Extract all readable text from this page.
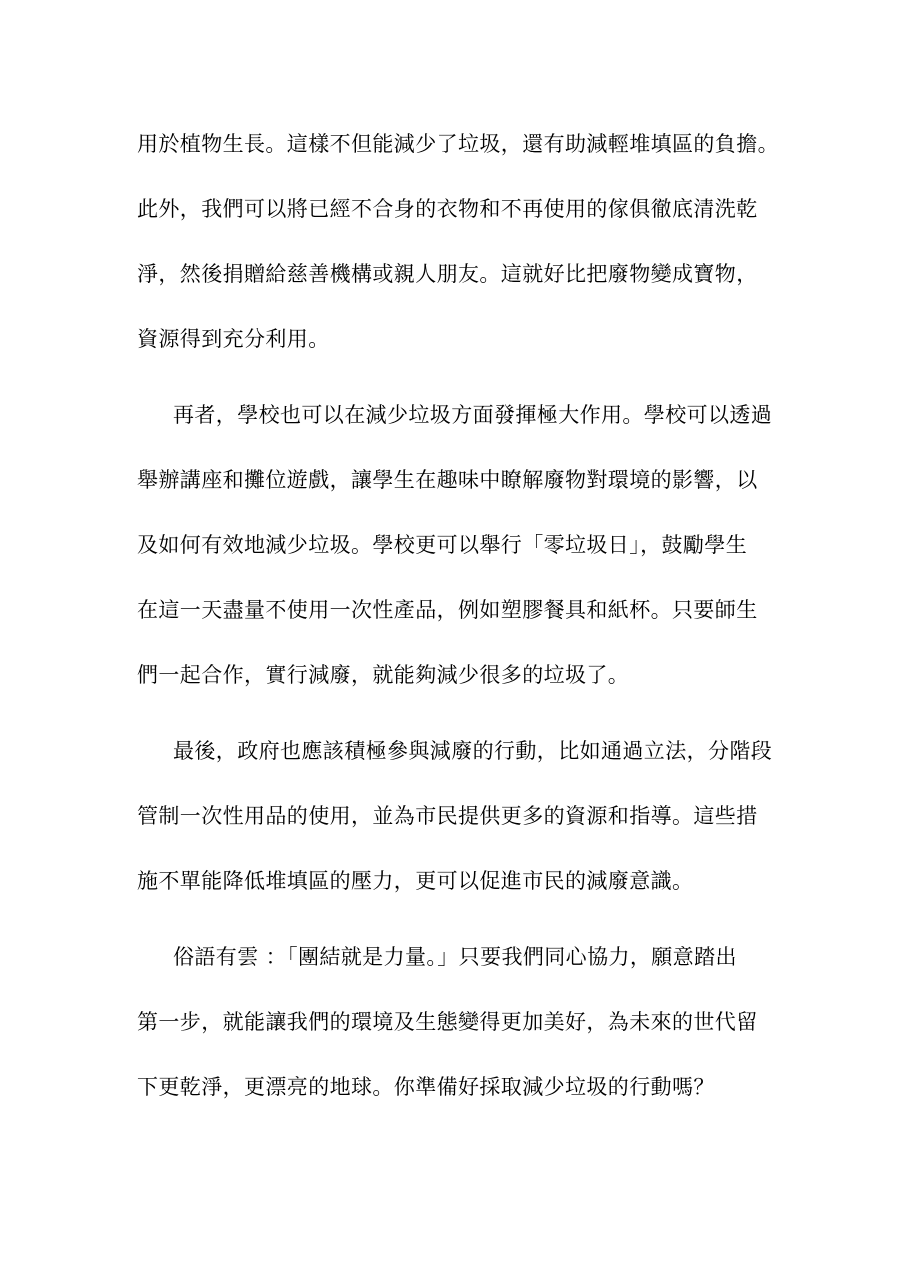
用於植物生長。這樣不但能減少了垃圾，還有助減輕堆填區的負擔。
此外，我們可以將已經不合身的衣物和不再使用的傢俱徹底清洗乾
淨，然後捐贈給慈善機構或親人朋友。這就好比把廢物變成寶物，
資源得到充分利用。
再者，學校也可以在減少垃圾方面發揮極大作用。學校可以透過
舉辦講座和攤位遊戲，讓學生在趣味中瞭解廢物對環境的影響，以
及如何有效地減少垃圾。學校更可以舉行「零垃圾日」，鼓勵學生
在這一天盡量不使用一次性產品，例如塑膠餐具和紙杯。只要師生
們一起合作，實行減廢，就能夠減少很多的垃圾了。
最後，政府也應該積極參與減廢的行動，比如通過立法，分階段
管制一次性用品的使用，並為市民提供更多的資源和指導。這些措
施不單能降低堆填區的壓力，更可以促進市民的減廢意識。
俗語有雲 ：「團結就是力量。」只要我們同心協力，願意踏出
第一步，就能讓我們的環境及生態變得更加美好，為未來的世代留
下更乾淨，更漂亮的地球。你準備好採取減少垃圾的行動嗎？
